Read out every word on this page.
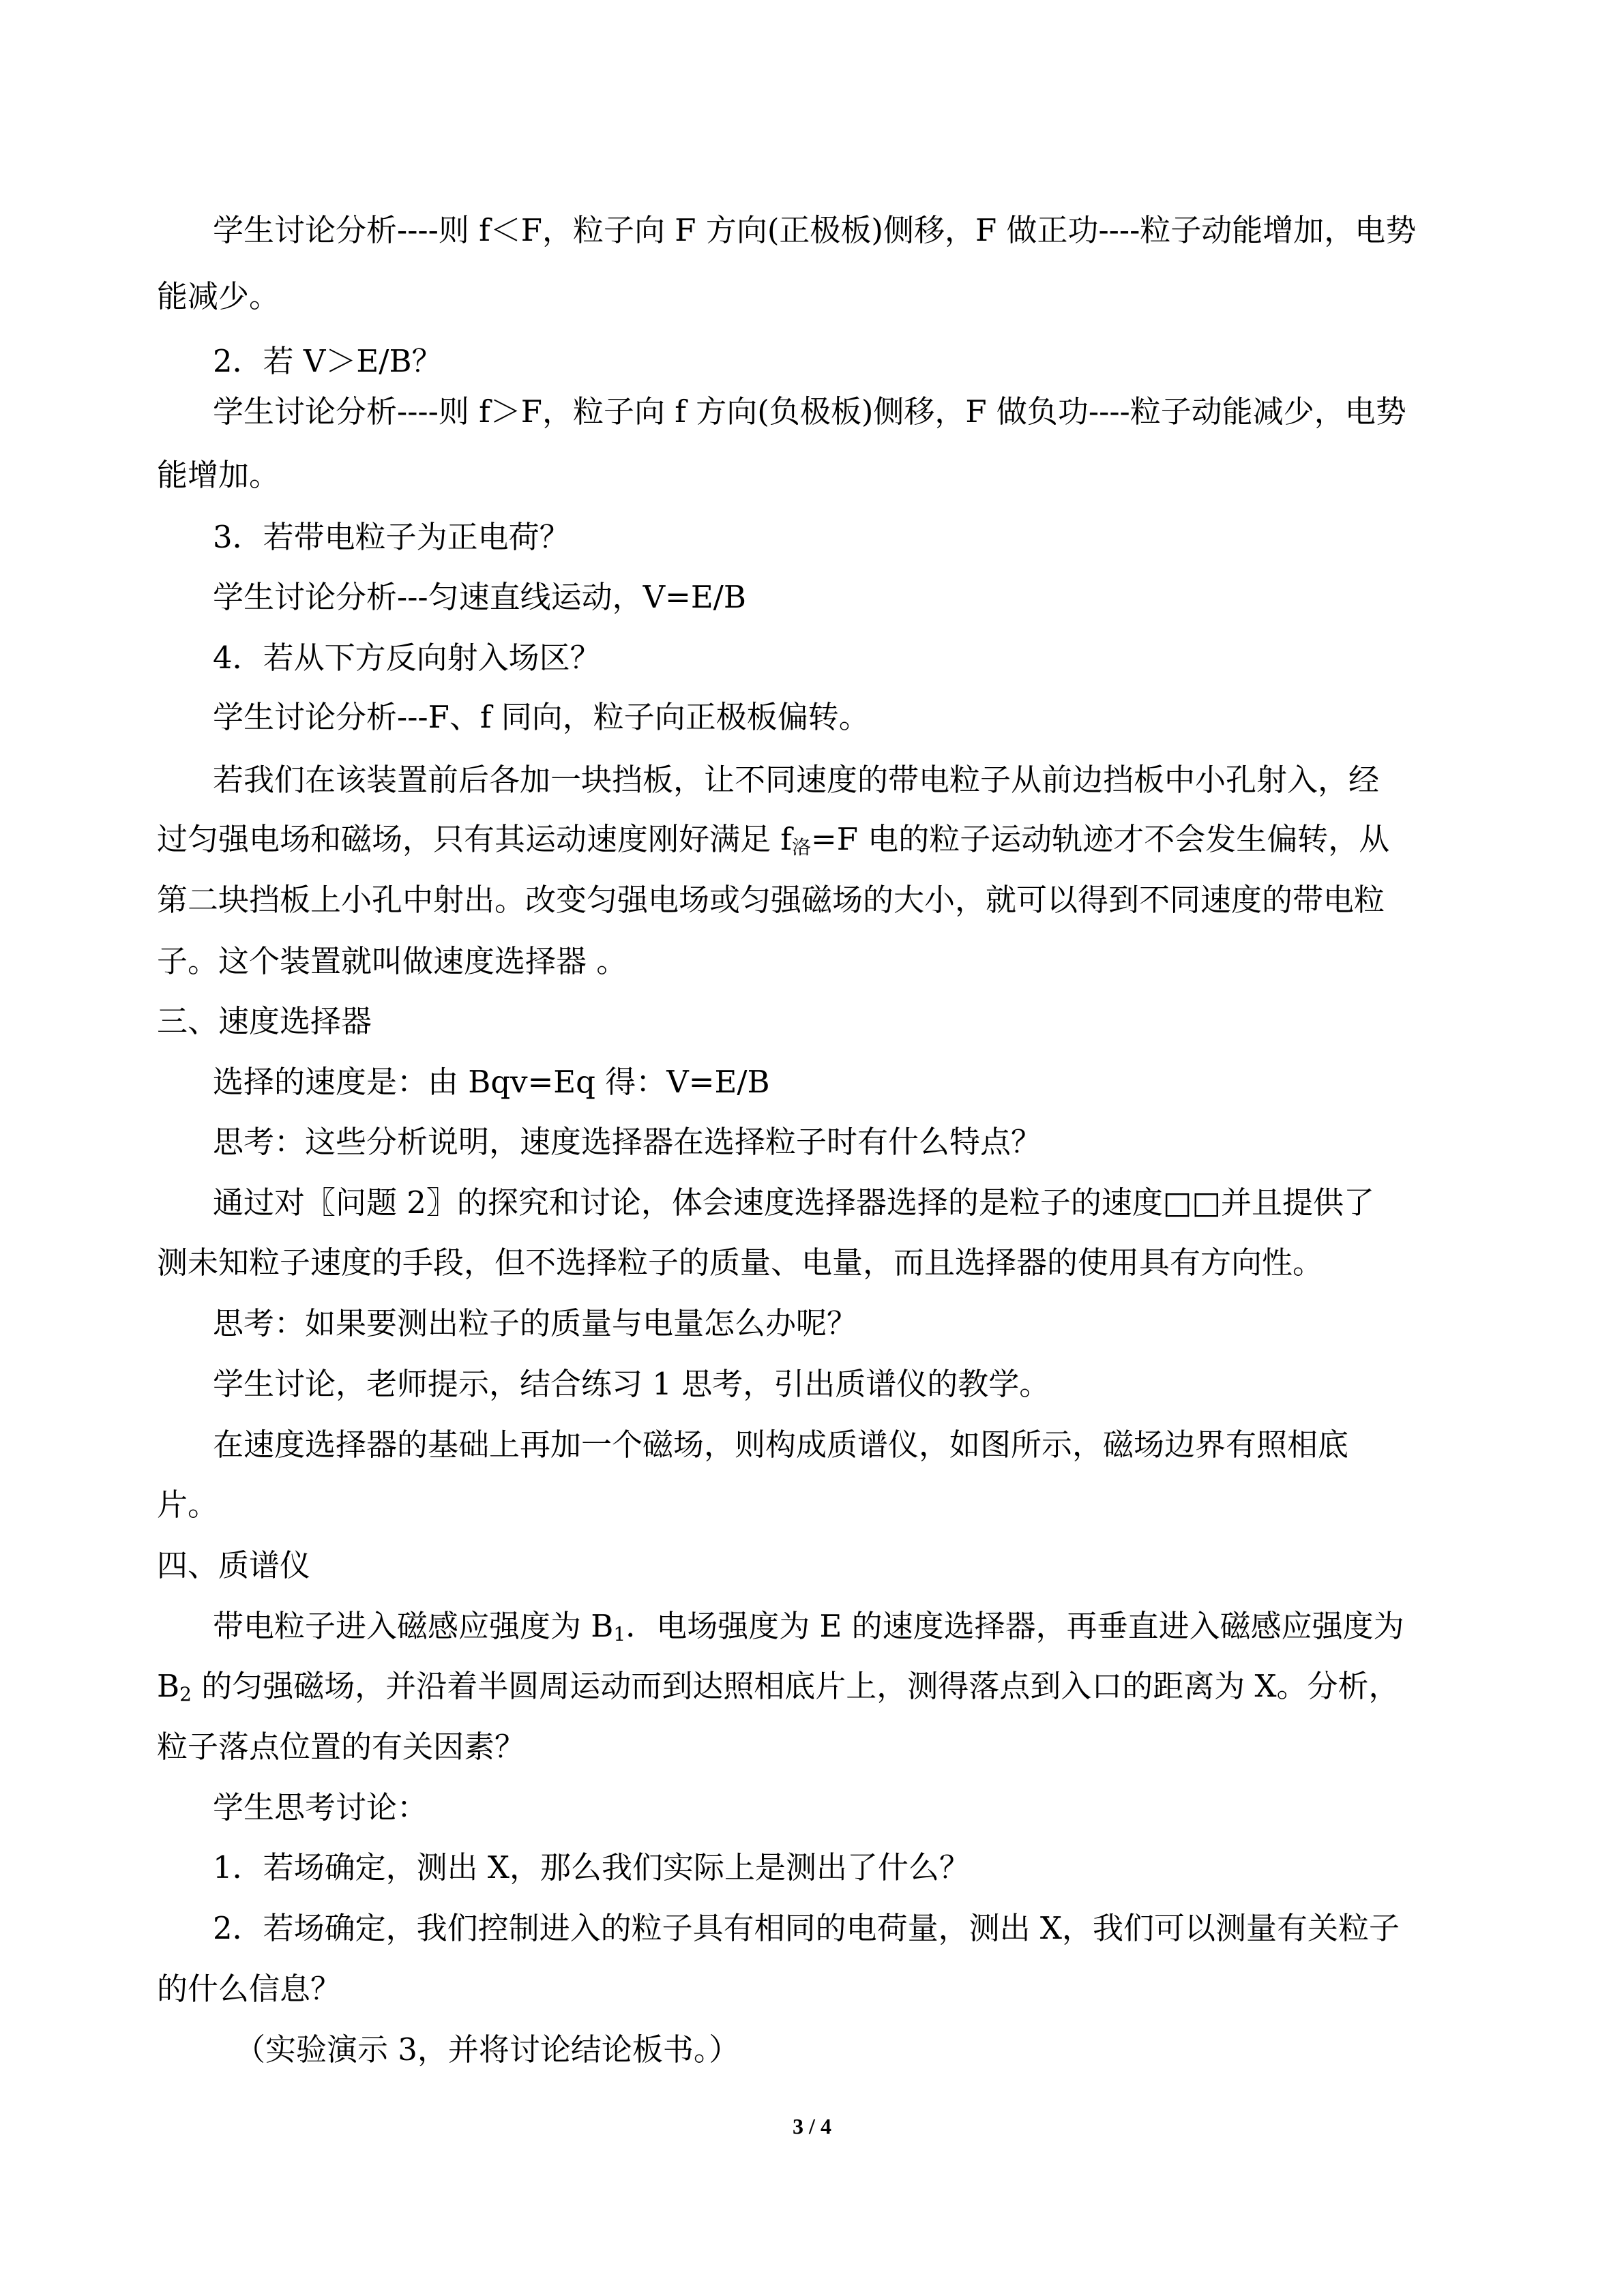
学生讨论分析----则 f＜F，粒子向 F 方向(正极板)侧移，F 做正功----粒子动能增加，电势
能减少。
2．若 V＞E/B？
学生讨论分析----则 f＞F，粒子向 f 方向(负极板)侧移，F 做负功----粒子动能减少，电势
能增加。
3．若带电粒子为正电荷？
学生讨论分析---匀速直线运动，V=E/B
4．若从下方反向射入场区？
学生讨论分析---F、f 同向，粒子向正极板偏转。
若我们在该装置前后各加一块挡板，让不同速度的带电粒子从前边挡板中小孔射入，经
过匀强电场和磁场，只有其运动速度刚好满足 $f_洛=F$ 电的粒子运动轨迹才不会发生偏转，从
第二块挡板上小孔中射出。改变匀强电场或匀强磁场的大小，就可以得到不同速度的带电粒
子。这个装置就叫做速度选择器 。
三、速度选择器
选择的速度是：由 Bqv=Eq 得：V=E/B
思考：这些分析说明，速度选择器在选择粒子时有什么特点？
通过对〖问题 2〗的探究和讨论，体会速度选择器选择的是粒子的速度□□并且提供了
测未知粒子速度的手段，但不选择粒子的质量、电量，而且选择器的使用具有方向性。
思考：如果要测出粒子的质量与电量怎么办呢？
学生讨论，老师提示，结合练习 1 思考，引出质谱仪的教学。
在速度选择器的基础上再加一个磁场，则构成质谱仪，如图所示，磁场边界有照相底
片。
四、质谱仪
带电粒子进入磁感应强度为 $B_1$．电场强度为 E 的速度选择器，再垂直进入磁感应强度为
$B_2$ 的匀强磁场，并沿着半圆周运动而到达照相底片上，测得落点到入口的距离为 X。分析，
粒子落点位置的有关因素？
学生思考讨论：
1．若场确定，测出 X，那么我们实际上是测出了什么？
2．若场确定，我们控制进入的粒子具有相同的电荷量，测出 X，我们可以测量有关粒子
的什么信息？
（实验演示 3，并将讨论结论板书。）
3 / 4
